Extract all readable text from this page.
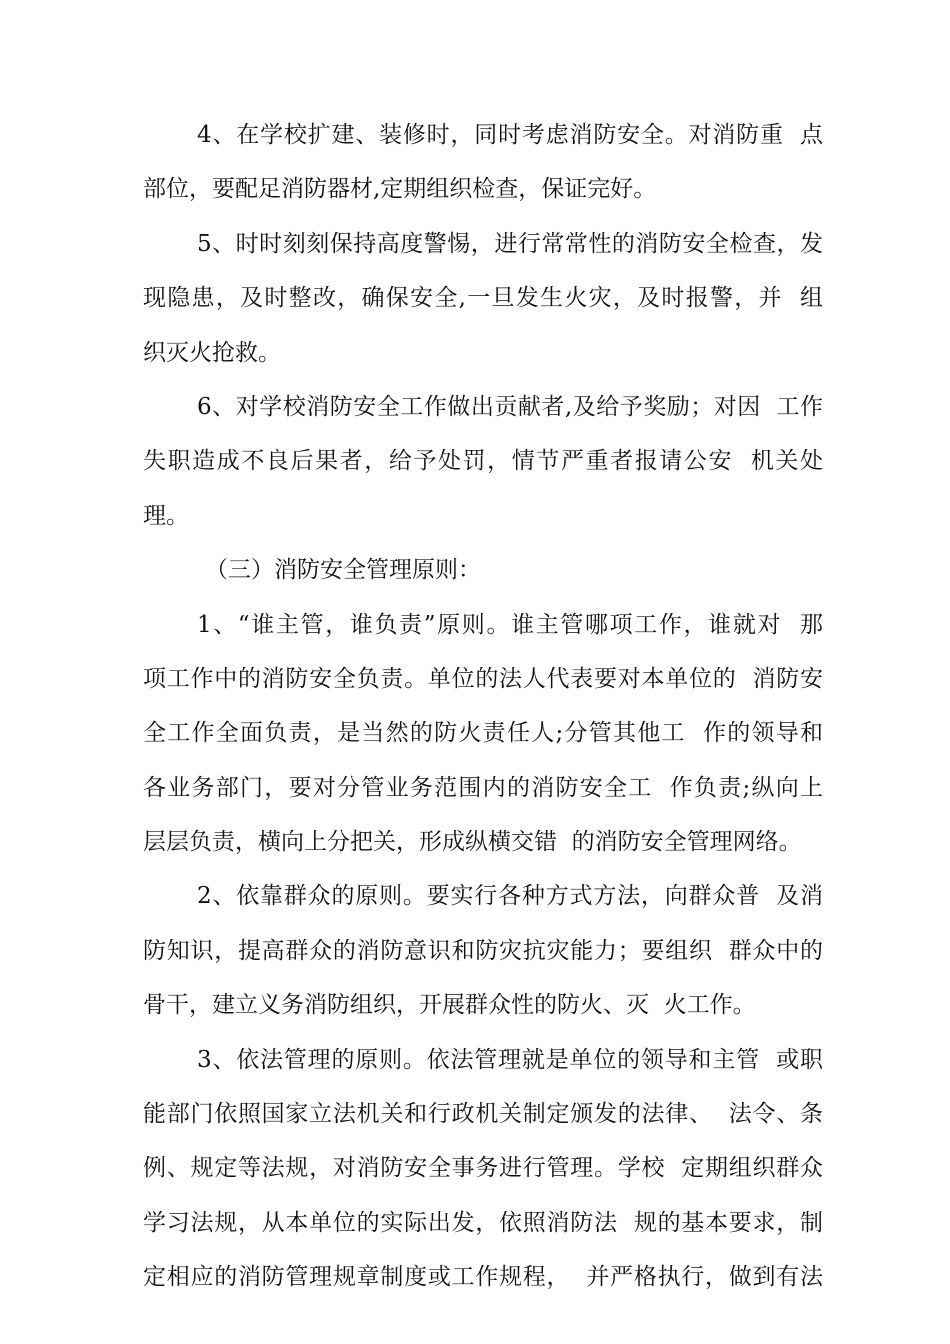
4、在学校扩建、装修时，同时考虑消防安全。对消防重  点
部位，要配足消防器材,定期组织检查，保证完好。
5、时时刻刻保持高度警惕，进行常常性的消防安全检查，发
现隐患，及时整改，确保安全,一旦发生火灾，及时报警，并  组
织灭火抢救。
6、对学校消防安全工作做出贡献者,及给予奖励；对因  工作
失职造成不良后果者，给予处罚，情节严重者报请公安  机关处
理。
（三）消防安全管理原则：
1、“谁主管，谁负责”原则。谁主管哪项工作，谁就对  那
项工作中的消防安全负责。单位的法人代表要对本单位的  消防安
全工作全面负责，是当然的防火责任人;分管其他工  作的领导和
各业务部门，要对分管业务范围内的消防安全工  作负责;纵向上
层层负责，横向上分把关，形成纵横交错  的消防安全管理网络。
2、依靠群众的原则。要实行各种方式方法，向群众普  及消
防知识，提高群众的消防意识和防灾抗灾能力；要组织  群众中的
骨干，建立义务消防组织，开展群众性的防火、灭  火工作。
3、依法管理的原则。依法管理就是单位的领导和主管  或职
能部门依照国家立法机关和行政机关制定颁发的法律、  法令、条
例、规定等法规，对消防安全事务进行管理。学校  定期组织群众
学习法规，从本单位的实际出发，依照消防法  规的基本要求，制
定相应的消防管理规章制度或工作规程，  并严格执行，做到有法
